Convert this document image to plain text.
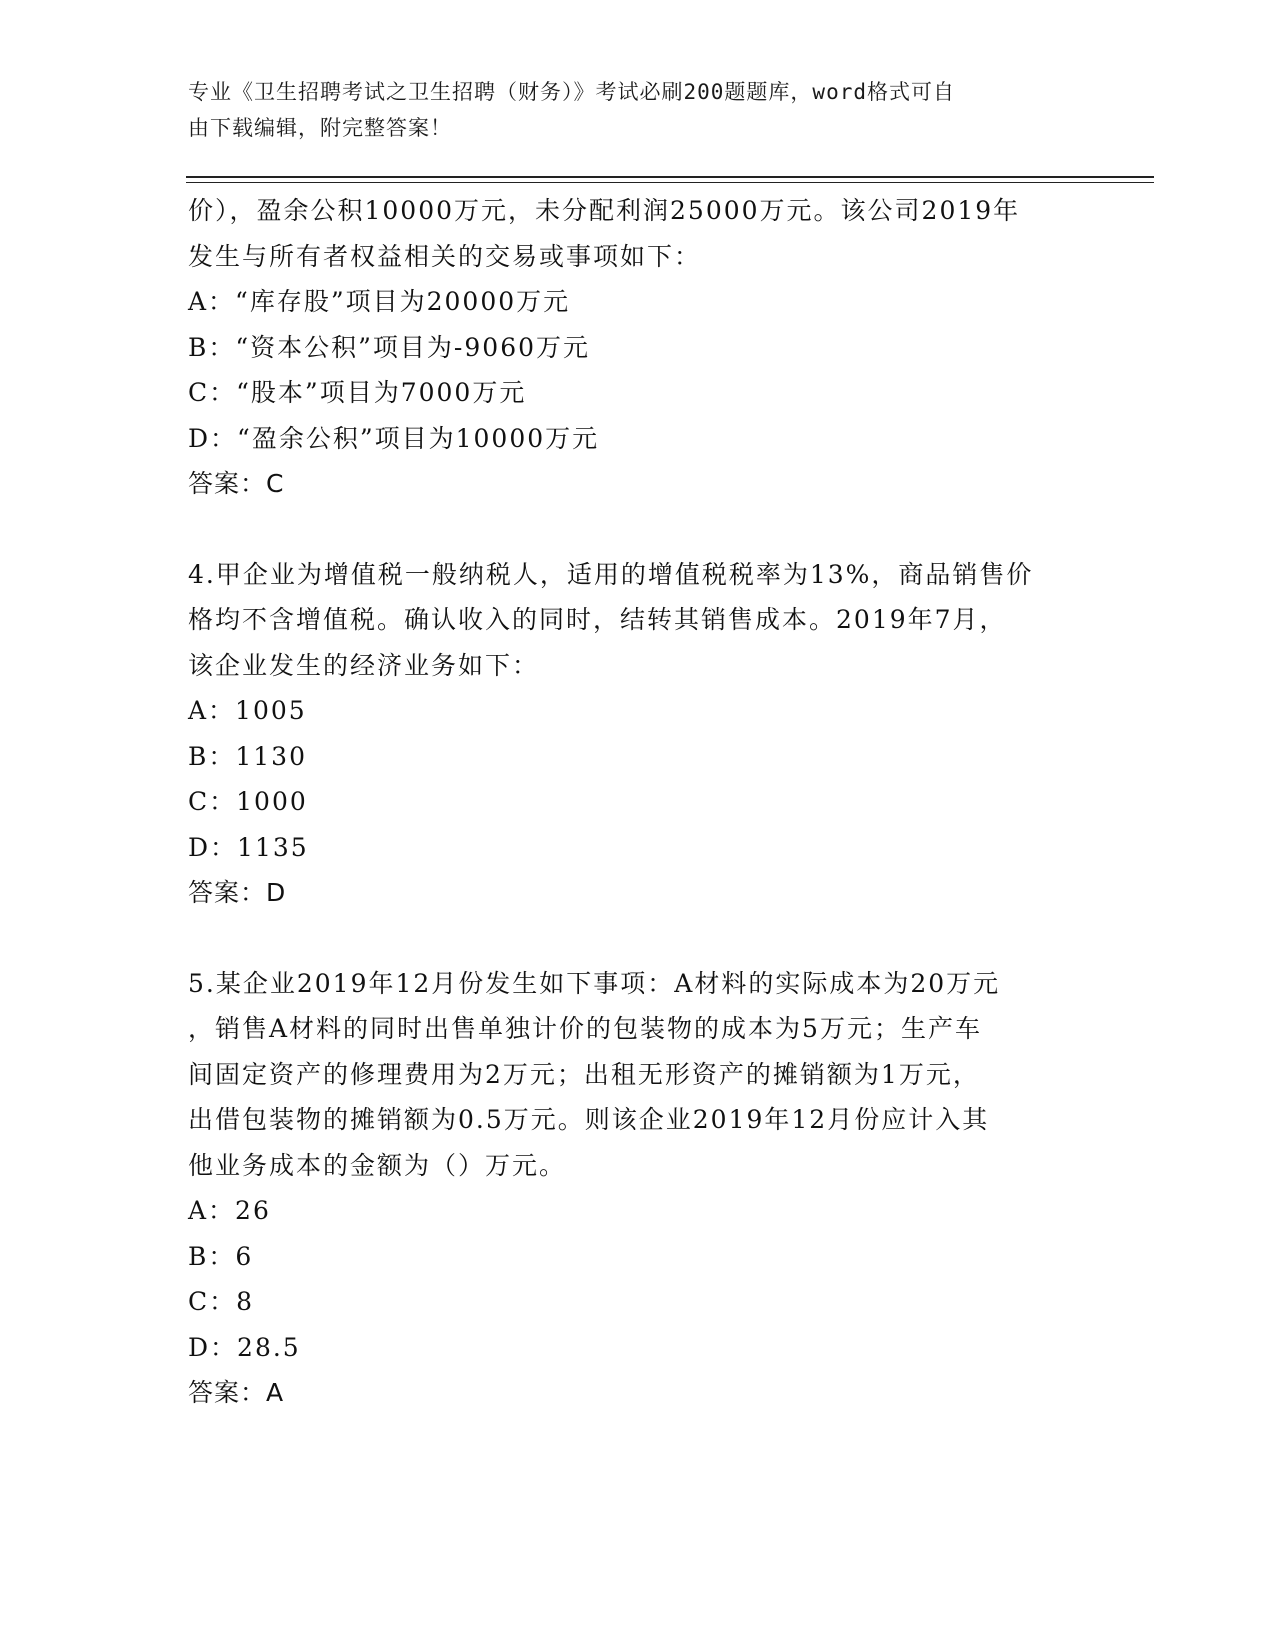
专业《卫生招聘考试之卫生招聘（财务）》考试必刷200题题库，word格式可自
由下载编辑，附完整答案！
价），盈余公积10000万元，未分配利润25000万元。该公司2019年
发生与所有者权益相关的交易或事项如下：
A：“库存股”项目为20000万元
B：“资本公积”项目为-9060万元
C：“股本”项目为7000万元
D：“盈余公积”项目为10000万元
答案：C
4.甲企业为增值税一般纳税人，适用的增值税税率为13%，商品销售价
格均不含增值税。确认收入的同时，结转其销售成本。2019年7月，
该企业发生的经济业务如下：
A：1005
B：1130
C：1000
D：1135
答案：D
5.某企业2019年12月份发生如下事项：A材料的实际成本为20万元
，销售A材料的同时出售单独计价的包装物的成本为5万元；生产车
间固定资产的修理费用为2万元；出租无形资产的摊销额为1万元，
出借包装物的摊销额为0.5万元。则该企业2019年12月份应计入其
他业务成本的金额为（）万元。
A：26
B：6
C：8
D：28.5
答案：A
